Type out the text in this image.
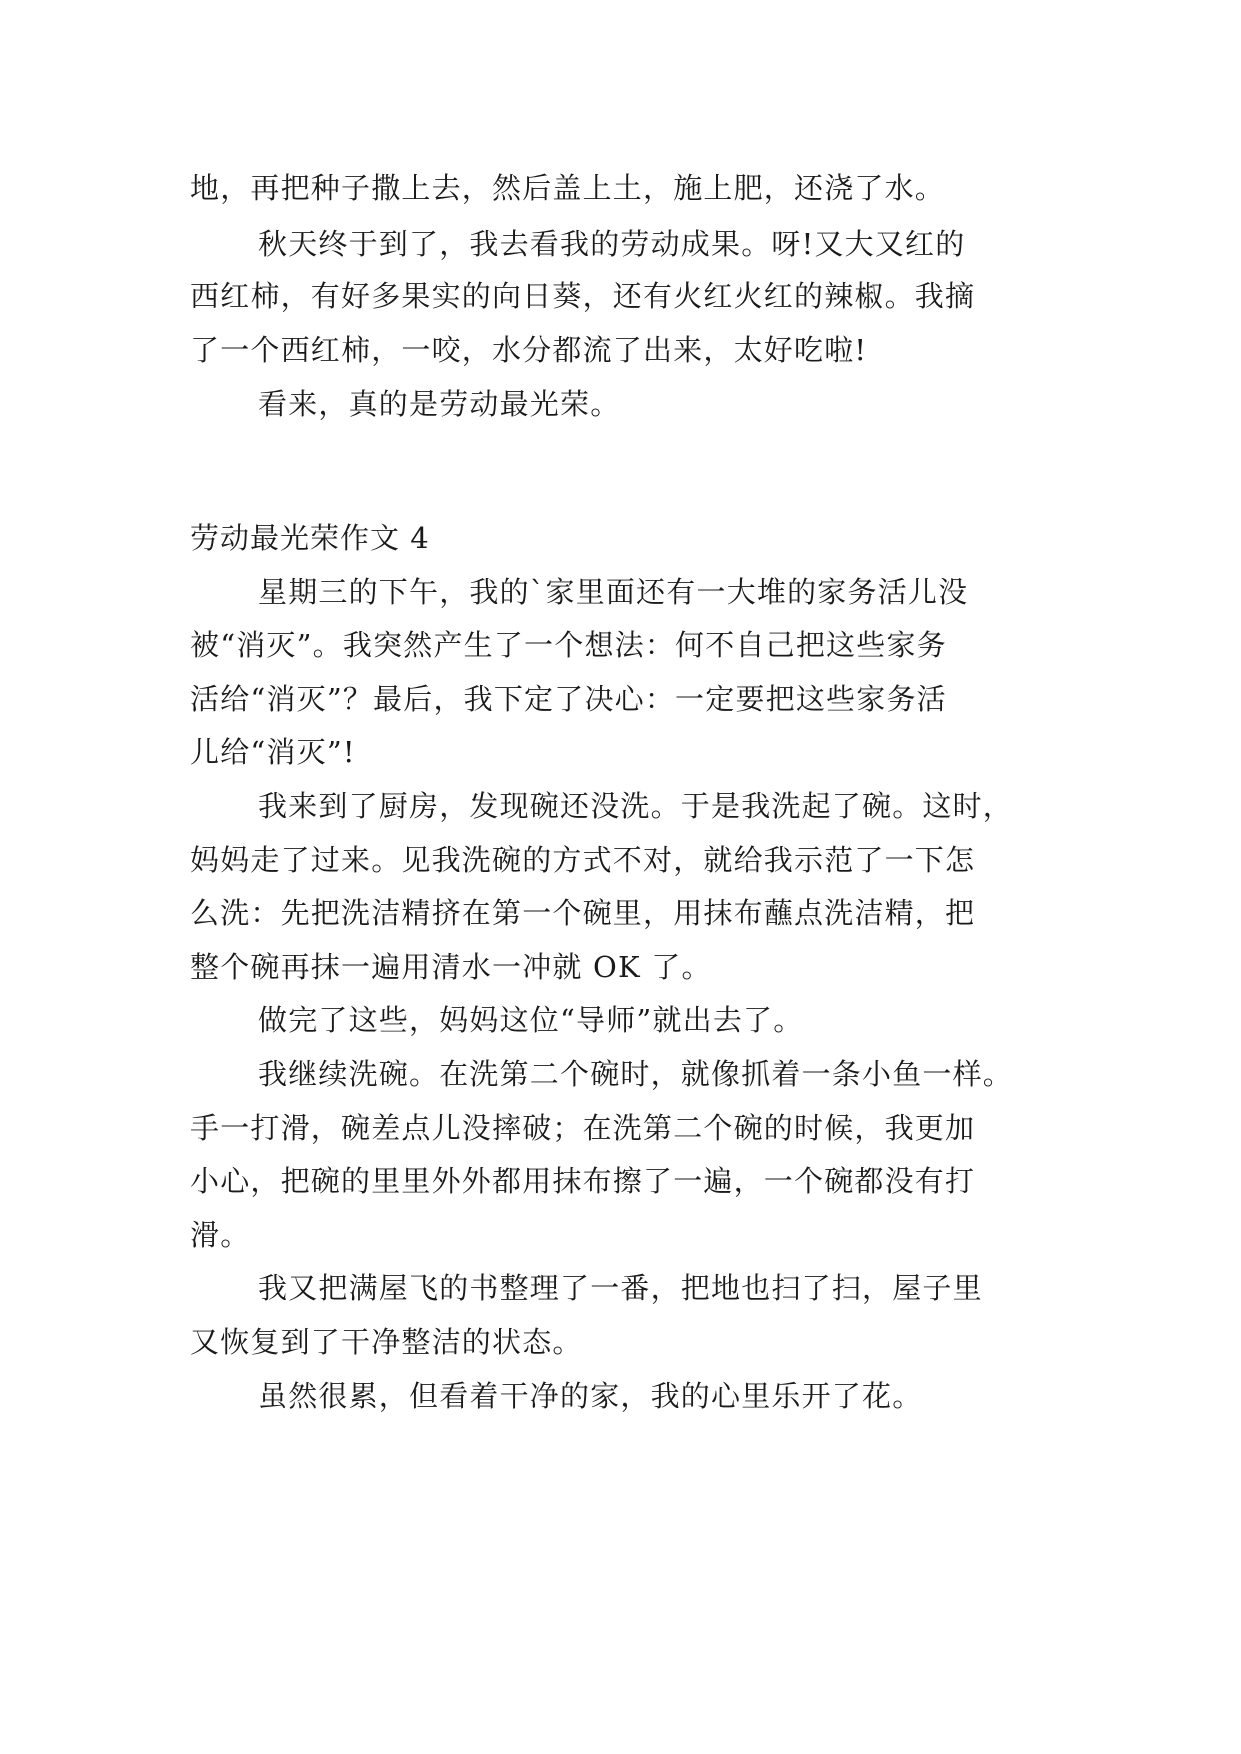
地，再把种子撒上去，然后盖上土，施上肥，还浇了水。
秋天终于到了，我去看我的劳动成果。呀!又大又红的
西红柿，有好多果实的向日葵，还有火红火红的辣椒。我摘
了一个西红柿，一咬，水分都流了出来，太好吃啦!
看来，真的是劳动最光荣。
劳动最光荣作文 4
星期三的下午，我的`家里面还有一大堆的家务活儿没
被“消灭”。我突然产生了一个想法：何不自己把这些家务
活给“消灭”？最后，我下定了决心：一定要把这些家务活
儿给“消灭”!
我来到了厨房，发现碗还没洗。于是我洗起了碗。这时，
妈妈走了过来。见我洗碗的方式不对，就给我示范了一下怎
么洗：先把洗洁精挤在第一个碗里，用抹布蘸点洗洁精，把
整个碗再抹一遍用清水一冲就 OK 了。
做完了这些，妈妈这位“导师”就出去了。
我继续洗碗。在洗第二个碗时，就像抓着一条小鱼一样。
手一打滑，碗差点儿没摔破；在洗第二个碗的时候，我更加
小心，把碗的里里外外都用抹布擦了一遍，一个碗都没有打
滑。
我又把满屋飞的书整理了一番，把地也扫了扫，屋子里
又恢复到了干净整洁的状态。
虽然很累，但看着干净的家，我的心里乐开了花。
